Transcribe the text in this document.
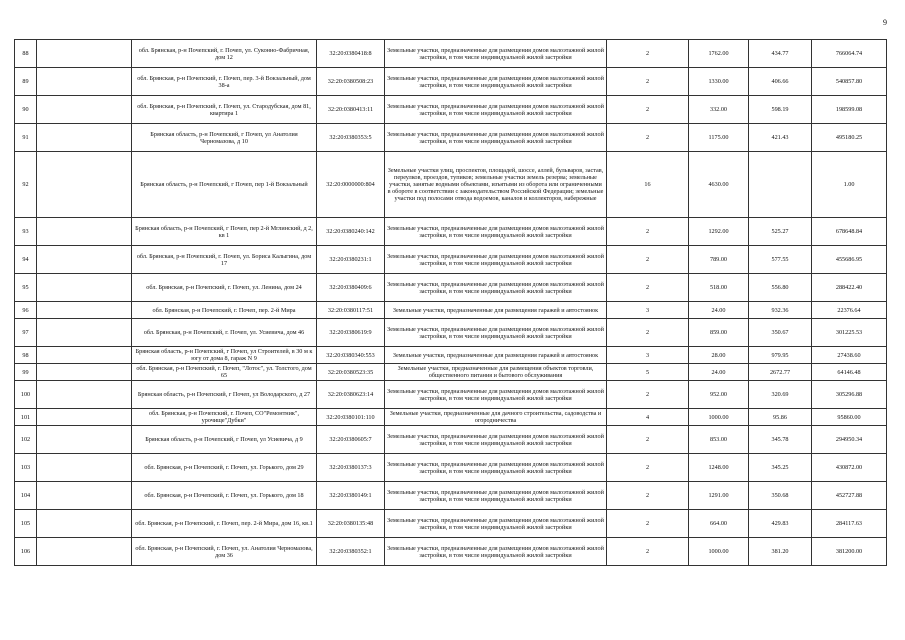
9
88		обл. Брянская, р-н Почепский, г. Почеп, ул. Суконно-Фабричная, дом 12	32:20:0380418:8	Земельные участки, предназначенные для размещения домов малоэтажной жилой застройки, в том числе индивидуальной жилой застройки	2	1762.00	434.77	766064.74
89		обл. Брянская, р-н Почепский, г. Почеп, пер. 3-й Вокзальный, дом 38-а	32:20:0380508:23	Земельные участки, предназначенные для размещения домов малоэтажной жилой застройки, в том числе индивидуальной жилой застройки	2	1330.00	406.66	540857.80
90		обл. Брянская, р-н Почепский, г. Почеп, ул. Стародубская, дом 81, квартира 1	32:20:0380413:11	Земельные участки, предназначенные для размещения домов малоэтажной жилой застройки, в том числе индивидуальной жилой застройки	2	332.00	598.19	198599.08
91		Брянская область, р-н Почепский, г Почеп, ул Анатолия Черномазова, д 10	32:20:0380353:5	Земельные участки, предназначенные для размещения домов малоэтажной жилой застройки, в том числе индивидуальной жилой застройки	2	1175.00	421.43	495180.25
92		Брянская область, р-н Почепский, г Почеп, пер 1-й Вокзальный	32:20:0000000:804	Земельные участки улиц, проспектов, площадей, шоссе, аллей, бульваров, застав, переулков, проездов, тупиков; земельные участки земель резерва; земельные участки, занятые водными объектами, изъятыми из оборота или ограниченными в обороте в соответствии с законодательством Российской Федерации; земельные участки под полосами отвода водоемов, каналов и коллекторов, набережные	16	4630.00		1.00
93		Брянская область, р-н Почепский, г Почеп, пер 2-й Мглинский, д 2, кв 1	32:20:0380240:142	Земельные участки, предназначенные для размещения домов малоэтажной жилой застройки, в том числе индивидуальной жилой застройки	2	1292.00	525.27	678648.84
94		обл. Брянская, р-н Почепский, г. Почеп, ул. Бориса Калыгина, дом 17	32:20:0380231:1	Земельные участки, предназначенные для размещения домов малоэтажной жилой застройки, в том числе индивидуальной жилой застройки	2	789.00	577.55	455686.95
95		обл. Брянская, р-н Почепский, г. Почеп, ул. Ленина, дом 24	32:20:0380409:6	Земельные участки, предназначенные для размещения домов малоэтажной жилой застройки, в том числе индивидуальной жилой застройки	2	518.00	556.80	288422.40
96		обл. Брянская, р-н Почепский, г. Почеп, пер. 2-й Мира	32:20:0380117:51	Земельные участки, предназначенные для размещения гаражей и автостоянок	3	24.00	932.36	22376.64
97		обл. Брянская, р-н Почепский, г. Почеп, ул. Усиевича, дом 46	32:20:0380619:9	Земельные участки, предназначенные для размещения домов малоэтажной жилой застройки, в том числе индивидуальной жилой застройки	2	859.00	350.67	301225.53
98		Брянская область, р-н Почепский, г Почеп, ул Строителей, в 30 м к югу от дома 8, гараж N 9	32:20:0380340:553	Земельные участки, предназначенные для размещения гаражей и автостоянок	3	28.00	979.95	27438.60
99		обл. Брянская, р-н Почепский, г. Почеп, "Лотос", ул. Толстого, дом 65	32:20:0380523:35	Земельные участки, предназначенные для размещения объектов торговли, общественного питания и бытового обслуживания	5	24.00	2672.77	64146.48
100		Брянская область, р-н Почепский, г Почеп, ул Володарского, д 27	32:20:0380623:14	Земельные участки, предназначенные для размещения домов малоэтажной жилой застройки, в том числе индивидуальной жилой застройки	2	952.00	320.69	305296.88
101		обл. Брянская, р-н Почепский, г. Почеп, СО"Ремонтник", урочище"Дубки"	32:20:0380101:110	Земельные участки, предназначенные для дачного строительства, садоводства и огородничества	4	1000.00	95.86	95860.00
102		Брянская область, р-н Почепский, г Почеп, ул Усиевича, д 9	32:20:0380605:7	Земельные участки, предназначенные для размещения домов малоэтажной жилой застройки, в том числе индивидуальной жилой застройки	2	853.00	345.78	294950.34
103		обл. Брянская, р-н Почепский, г. Почеп, ул. Горького, дом 29	32:20:0380137:3	Земельные участки, предназначенные для размещения домов малоэтажной жилой застройки, в том числе индивидуальной жилой застройки	2	1248.00	345.25	430872.00
104		обл. Брянская, р-н Почепский, г. Почеп, ул. Горького, дом 18	32:20:0380149:1	Земельные участки, предназначенные для размещения домов малоэтажной жилой застройки, в том числе индивидуальной жилой застройки	2	1291.00	350.68	452727.88
105		обл. Брянская, р-н Почепский, г. Почеп, пер. 2-й Мира, дом 16, кв.1	32:20:0380135:48	Земельные участки, предназначенные для размещения домов малоэтажной жилой застройки, в том числе индивидуальной жилой застройки	2	664.00	429.83	284117.63
106		обл. Брянская, р-н Почепский, г. Почеп, ул. Анатолия Черномазова, дом 36	32:20:0380352:1	Земельные участки, предназначенные для размещения домов малоэтажной жилой застройки, в том числе индивидуальной жилой застройки	2	1000.00	381.20	381200.00
